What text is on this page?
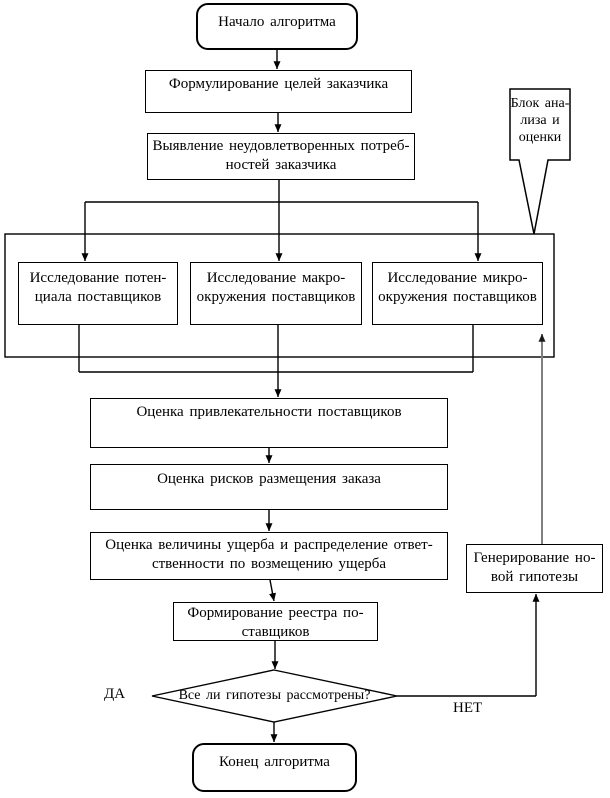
Начало алгоритма
Формулирование целей заказчика
Выявление неудовлетворенных потреб-
ностей заказчика
Исследование потен-
циала поставщиков
Исследование макро-
окружения поставщиков
Исследование микро-
окружения поставщиков
Оценка привлекательности поставщиков
Оценка рисков размещения заказа
Оценка величины ущерба и распределение ответ-
ственности по возмещению ущерба
Формирование реестра по-
ставщиков
Генерирование но-
вой гипотезы
Конец алгоритма
Блок ана-
лиза и
оценки
Все ли гипотезы рассмотрены?
ДА
НЕТ
